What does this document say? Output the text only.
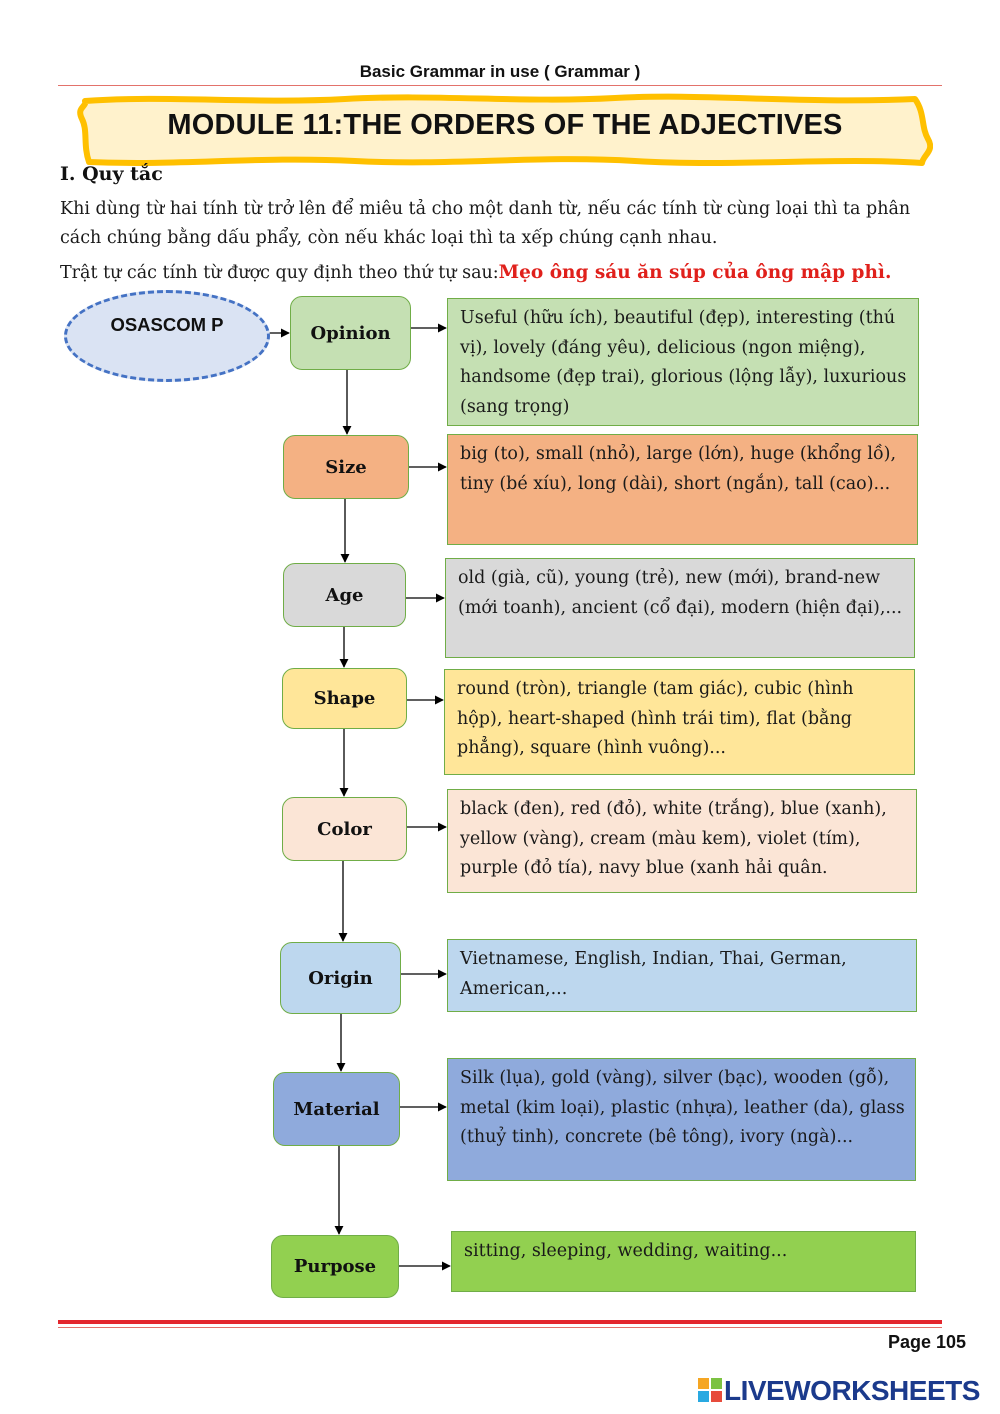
Basic Grammar in use ( Grammar )
MODULE 11:THE ORDERS OF THE ADJECTIVES
I. Quy tắc
Khi dùng từ hai tính từ trở lên để miêu tả cho một danh từ, nếu các tính từ cùng loại thì ta phân cách chúng bằng dấu phẩy, còn nếu khác loại thì ta xếp chúng cạnh nhau.
Trật tự các tính từ được quy định theo thứ tự sau:Mẹo ông sáu ăn súp của ông mập phì.
OSASCOM P	Opinion
Size
Age
Shape
Color
Origin
Material
Purpose
Useful (hữu ích), beautiful (đẹp), interesting (thú vị), lovely (đáng yêu), delicious (ngon miệng), handsome (đẹp trai), glorious (lộng lẫy), luxurious (sang trọng)
big (to), small (nhỏ), large (lớn), huge (khổng lồ), tiny (bé xíu), long (dài), short (ngắn), tall (cao)...
old (già, cũ), young (trẻ), new (mới), brand-new (mới toanh), ancient (cổ đại), modern (hiện đại),...
round (tròn), triangle (tam giác), cubic (hình hộp), heart-shaped (hình trái tim), flat (bằng phẳng), square (hình vuông)...
black (đen), red (đỏ), white (trắng), blue (xanh), yellow (vàng), cream (màu kem), violet (tím), purple (đỏ tía), navy blue (xanh hải quân.
Vietnamese, English, Indian, Thai, German, American,...
Silk (lụa), gold (vàng), silver (bạc), wooden (gỗ), metal (kim loại), plastic (nhựa), leather (da), glass (thuỷ tinh), concrete (bê tông), ivory (ngà)...
sitting, sleeping, wedding, waiting...
Page 105
LIVEWORKSHEETS
